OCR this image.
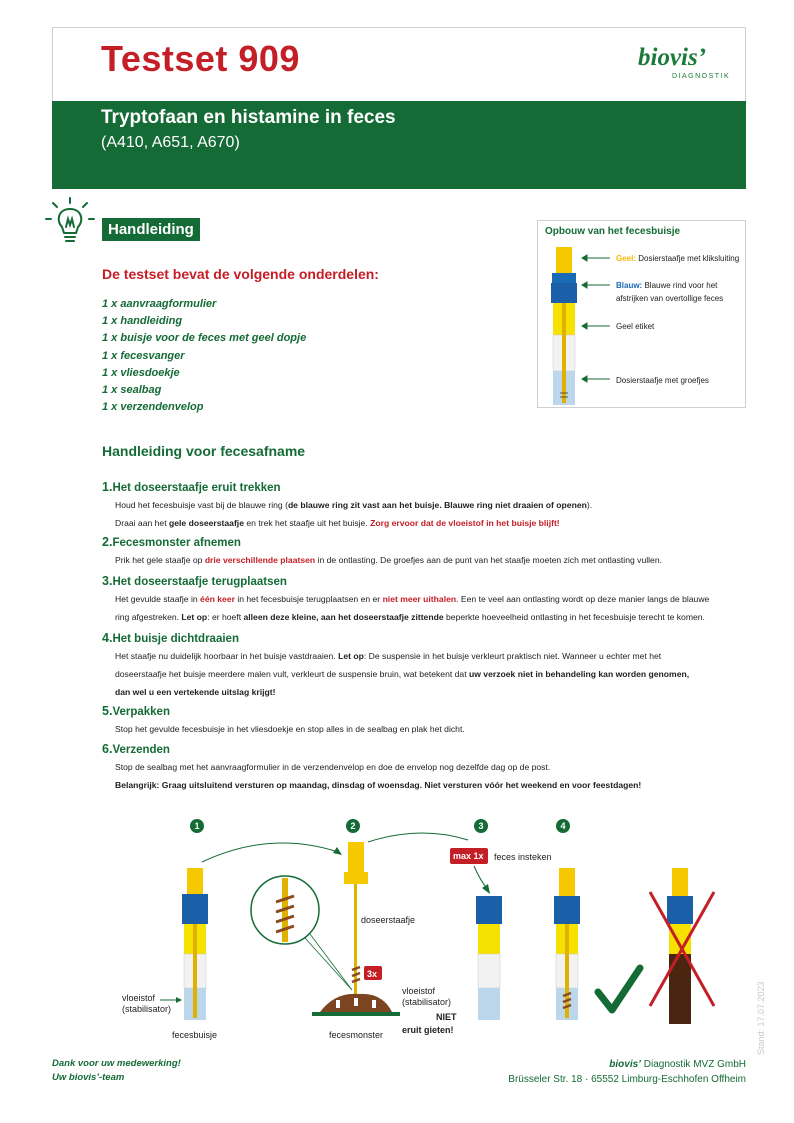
Testset 909	biovis’
DIAGNOSTIK
Tryptofaan en histamine in feces
(A410, A651, A670)
Handleiding
De testset bevat de volgende onderdelen:
1 x aanvraagformulier
1 x handleiding
1 x buisje voor de feces met geel dopje
1 x fecesvanger
1 x vliesdoekje
1 x sealbag
1 x verzendenvelop
Opbouw van het fecesbuisje
Geel: Dosierstaafje met kliksluiting
Blauw: Blauwe rind voor het afstrijken van overtollige feces
Geel etiket
Dosierstaafje met groefjes
Handleiding voor fecesafname
1.Het doseerstaafje eruit trekken
Houd het fecesbuisje vast bij de blauwe ring (de blauwe ring zit vast aan het buisje. Blauwe ring niet draaien of openen).
Draai aan het gele doseerstaafje en trek het staafje uit het buisje. Zorg ervoor dat de vloeistof in het buisje blijft!
2.Fecesmonster afnemen
Prik het gele staafje op drie verschillende plaatsen in de ontlasting. De groefjes aan de punt van het staafje moeten zich met ontlasting vullen.
3.Het doseerstaafje terugplaatsen
Het gevulde staafje in één keer in het fecesbuisje terugplaatsen en er niet meer uithalen. Een te veel aan ontlasting wordt op deze manier langs de blauwe
ring afgestreken. Let op: er hoeft alleen deze kleine, aan het doseerstaafje zittende beperkte hoeveelheid ontlasting in het fecesbuisje terecht te komen.
4.Het buisje dichtdraaien
Het staafje nu duidelijk hoorbaar in het buisje vastdraaien. Let op: De suspensie in het buisje verkleurt praktisch niet. Wanneer u echter met het
doseerstaafje het buisje meerdere malen vult, verkleurt de suspensie bruin, wat betekent dat uw verzoek niet in behandeling kan worden genomen,
dan wel u een vertekende uitslag krijgt!
5.Verpakken
Stop het gevulde fecesbuisje in het vliesdoekje en stop alles in de sealbag en plak het dicht.
6.Verzenden
Stop de sealbag met het aanvraagformulier in de verzendenvelop en doe de envelop nog dezelfde dag op de post.
Belangrijk: Graag uitsluitend versturen op maandag, dinsdag of woensdag. Niet versturen vóór het weekend en voor feestdagen!
1	2	3	4
vloeistof
(stabilisator)
fecesbuisje
doseerstaafje
3x
fecesmonster
max 1x feces insteken
vloeistof
(stabilisator)
NIET
eruit gieten!
Dank voor uw medewerking!
Uw biovis’-team
biovis’ Diagnostik MVZ GmbH
Brüsseler Str. 18 · 65552 Limburg-Eschhofen Offheim
Stand: 17.07.2023
